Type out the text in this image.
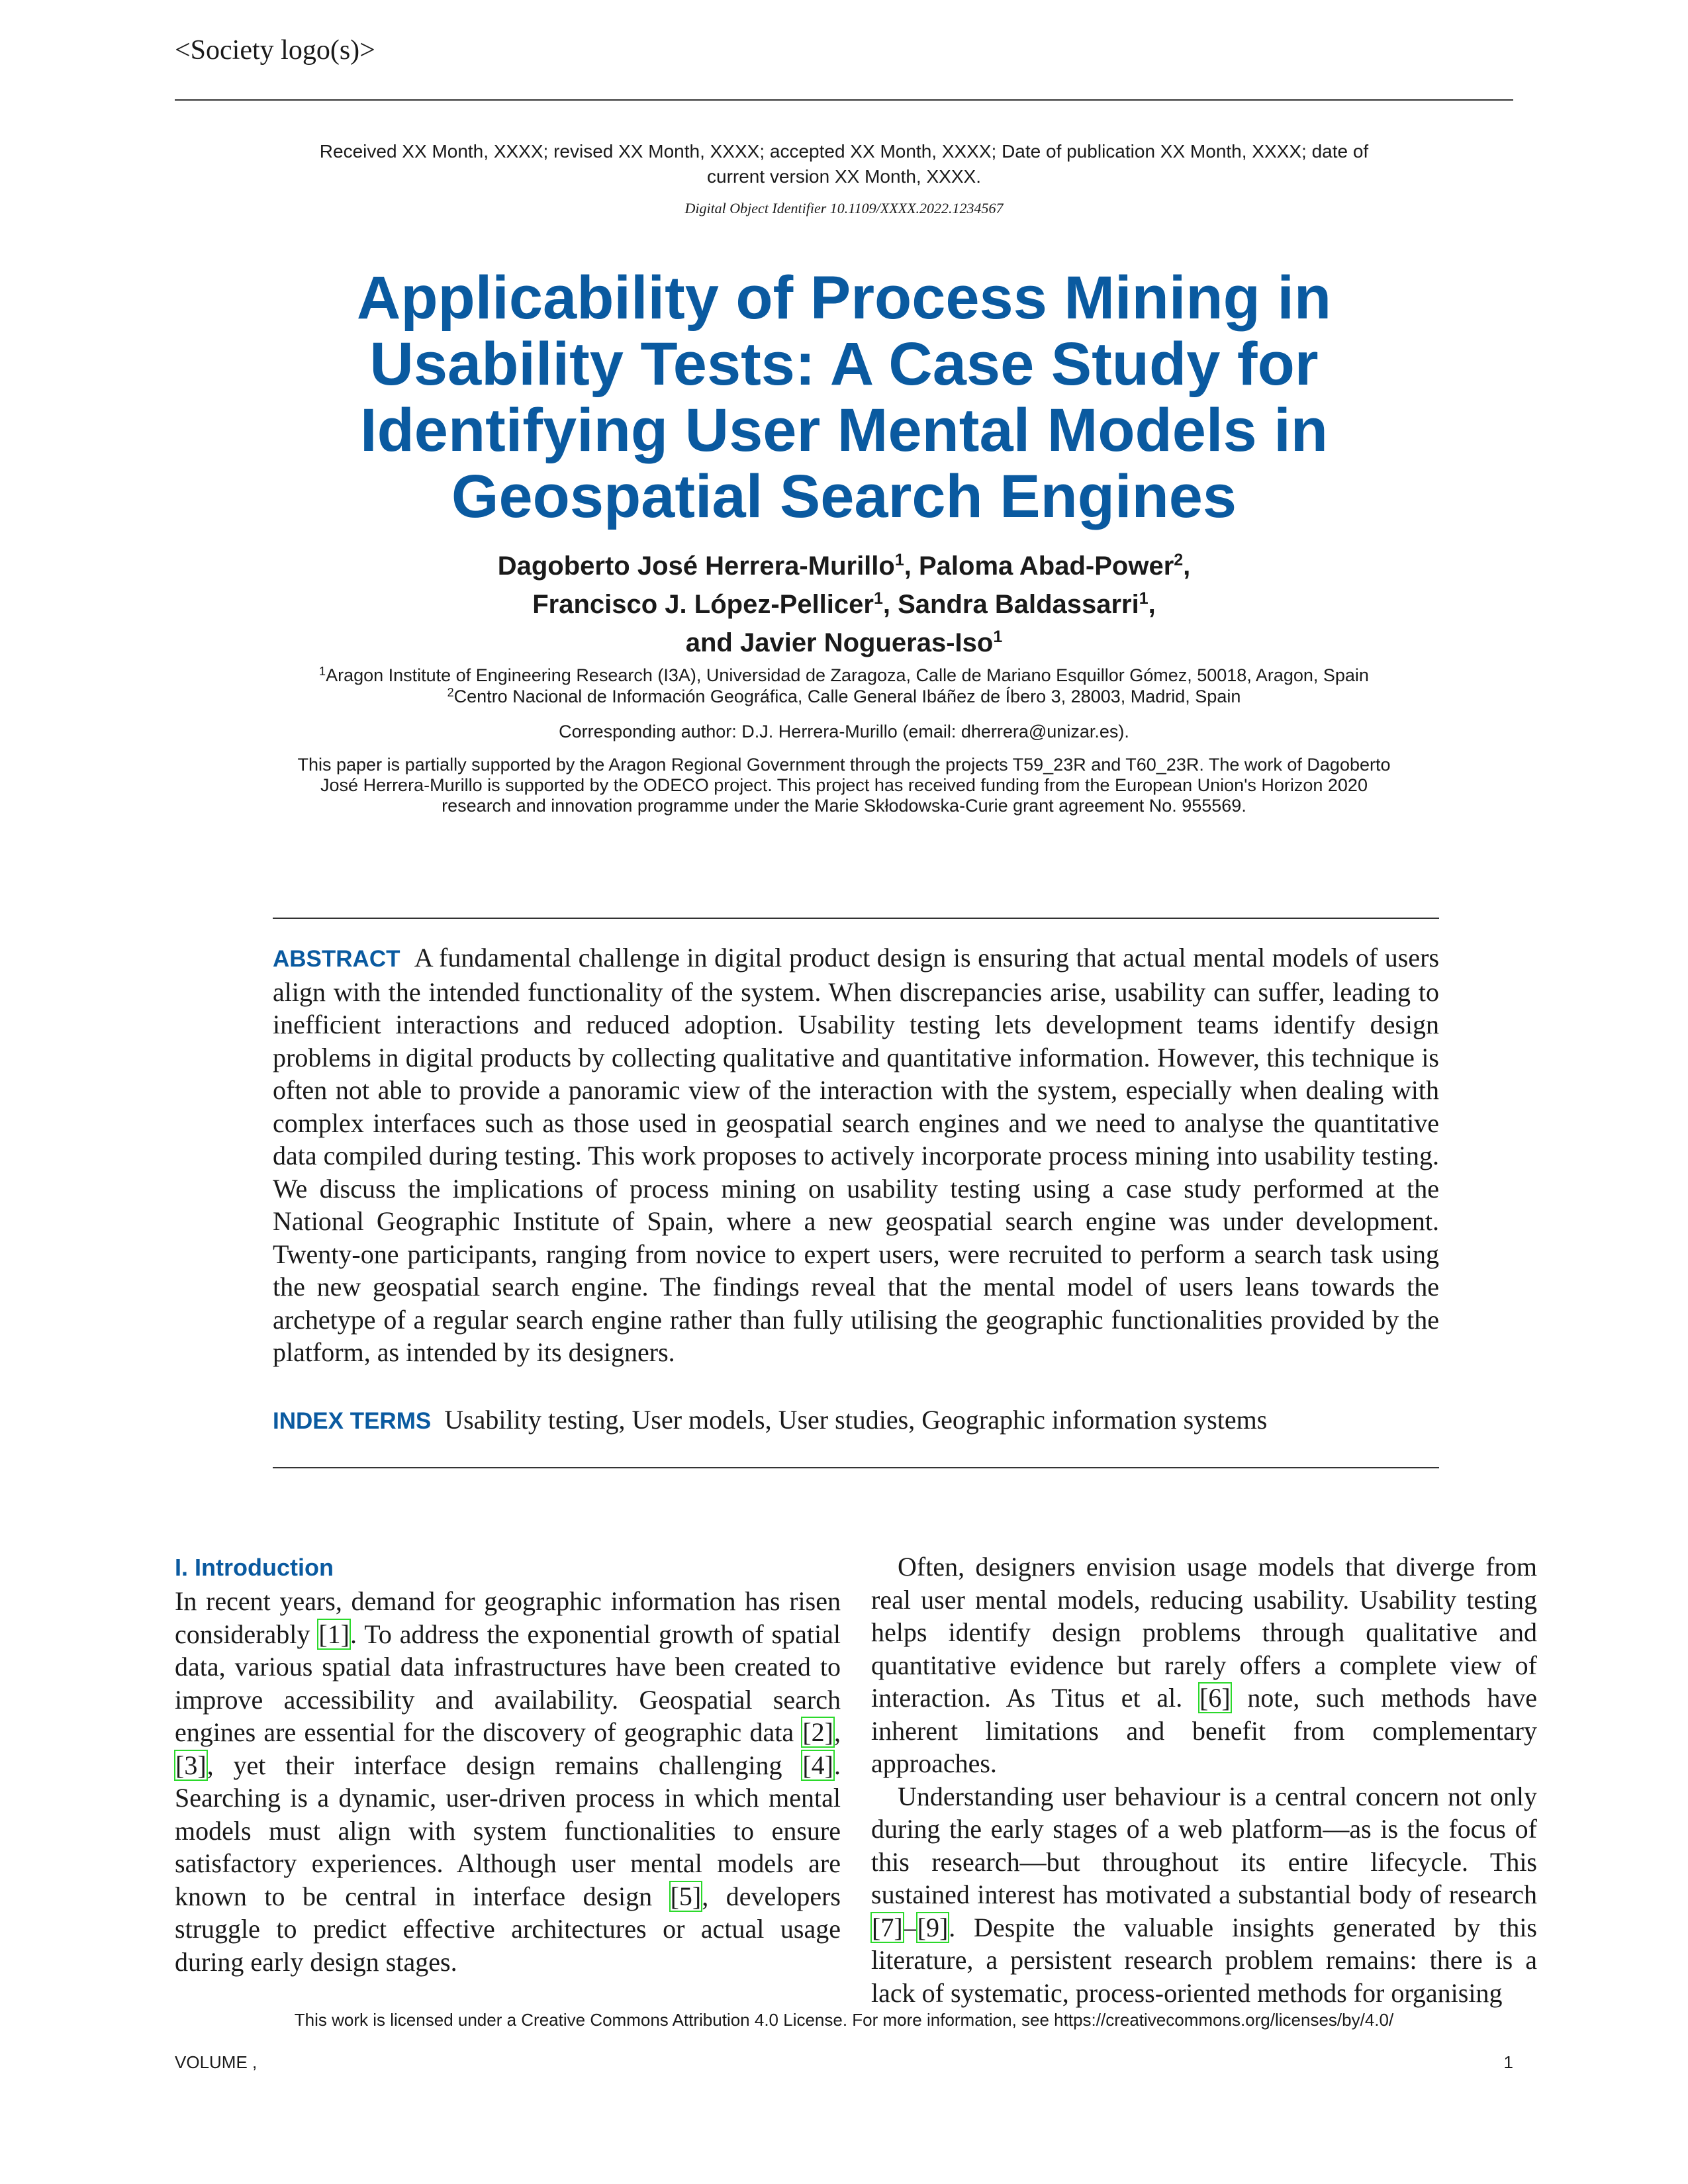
<Society logo(s)>
Received XX Month, XXXX; revised XX Month, XXXX; accepted XX Month, XXXX; Date of publication XX Month, XXXX; date of current version XX Month, XXXX.
Digital Object Identifier 10.1109/XXXX.2022.1234567
Applicability of Process Mining in
Usability Tests: A Case Study for
Identifying User Mental Models in
Geospatial Search Engines
Dagoberto José Herrera-Murillo$^1$, Paloma Abad-Power$^2$,
Francisco J. López-Pellicer$^1$, Sandra Baldassarri$^1$,
and Javier Nogueras-Iso$^1$
$^1$Aragon Institute of Engineering Research (I3A), Universidad de Zaragoza, Calle de Mariano Esquillor Gómez, 50018, Aragon, Spain
$^2$Centro Nacional de Información Geográfica, Calle General Ibáñez de Íbero 3, 28003, Madrid, Spain
Corresponding author: D.J. Herrera-Murillo (email: dherrera@unizar.es).
This paper is partially supported by the Aragon Regional Government through the projects T59_23R and T60_23R. The work of Dagoberto José Herrera-Murillo is supported by the ODECO project. This project has received funding from the European Union's Horizon 2020 research and innovation programme under the Marie Skłodowska-Curie grant agreement No. 955569.
ABSTRACT A fundamental challenge in digital product design is ensuring that actual mental models of users align with the intended functionality of the system. When discrepancies arise, usability can suffer, leading to inefficient interactions and reduced adoption. Usability testing lets development teams identify design problems in digital products by collecting qualitative and quantitative information. However, this technique is often not able to provide a panoramic view of the interaction with the system, especially when dealing with complex interfaces such as those used in geospatial search engines and we need to analyse the quantitative data compiled during testing. This work proposes to actively incorporate process mining into usability testing. We discuss the implications of process mining on usability testing using a case study performed at the National Geographic Institute of Spain, where a new geospatial search engine was under development. Twenty-one participants, ranging from novice to expert users, were recruited to perform a search task using the new geospatial search engine. The findings reveal that the mental model of users leans towards the archetype of a regular search engine rather than fully utilising the geographic functionalities provided by the platform, as intended by its designers.
INDEX TERMS Usability testing, User models, User studies, Geographic information systems
I. Introduction

In recent years, demand for geographic information has risen considerably [1]. To address the exponential growth of spatial data, various spatial data infrastructures have been created to improve accessibility and availability. Geospatial search engines are essential for the discovery of geographic data [2], [3], yet their interface design remains challenging [4]. Searching is a dynamic, user-driven process in which mental models must align with system functionalities to ensure satisfactory experiences. Although user mental models are known to be central in interface design [5], developers struggle to predict effective architectures or actual usage during early design stages.

Often, designers envision usage models that diverge from real user mental models, reducing usability. Usability testing helps identify design problems through qualitative and quantitative evidence but rarely offers a complete view of interaction. As Titus et al. [6] note, such methods have inherent limitations and benefit from complementary approaches.

Understanding user behaviour is a central concern not only during the early stages of a web platform—as is the focus of this research—but throughout its entire lifecycle. This sustained interest has motivated a substantial body of research [7]–[9]. Despite the valuable insights generated by this literature, a persistent research problem remains: there is a lack of systematic, process-oriented methods for organising

This work is licensed under a Creative Commons Attribution 4.0 License. For more information, see https://creativecommons.org/licenses/by/4.0/
VOLUME ,	1
